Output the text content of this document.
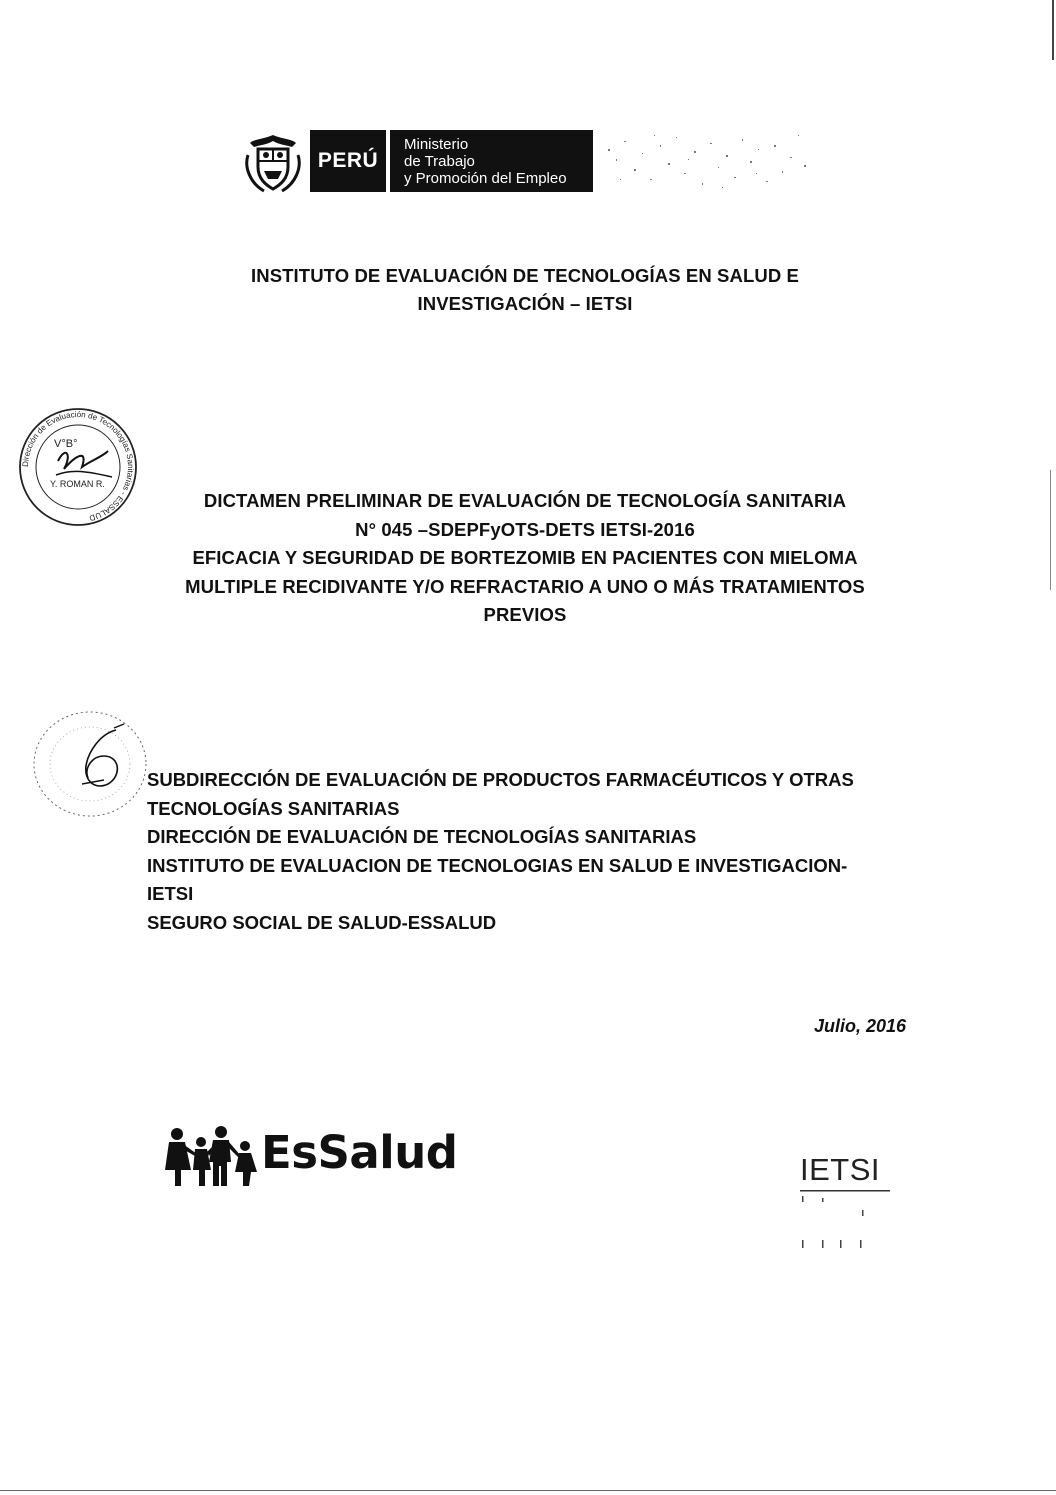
PERÚ
Ministerio
de Trabajo
y Promoción del Empleo
INSTITUTO DE EVALUACIÓN DE TECNOLOGÍAS EN SALUD E
INVESTIGACIÓN – IETSI
Dirección de Evaluación de Tecnologías Sanitarias - ESSALUD
V°B°
Y. ROMAN R.
DICTAMEN PRELIMINAR DE EVALUACIÓN DE TECNOLOGÍA SANITARIA
N° 045 –SDEPFyOTS-DETS IETSI-2016
EFICACIA Y SEGURIDAD DE BORTEZOMIB EN PACIENTES CON MIELOMA
MULTIPLE RECIDIVANTE Y/O REFRACTARIO A UNO O MÁS TRATAMIENTOS
PREVIOS
SUBDIRECCIÓN DE EVALUACIÓN DE PRODUCTOS FARMACÉUTICOS Y OTRAS
TECNOLOGÍAS SANITARIAS
DIRECCIÓN DE EVALUACIÓN DE TECNOLOGÍAS SANITARIAS
INSTITUTO DE EVALUACION DE TECNOLOGIAS EN SALUD E INVESTIGACION-
IETSI
SEGURO SOCIAL DE SALUD-ESSALUD
Julio, 2016
EsSalud	IETSI
